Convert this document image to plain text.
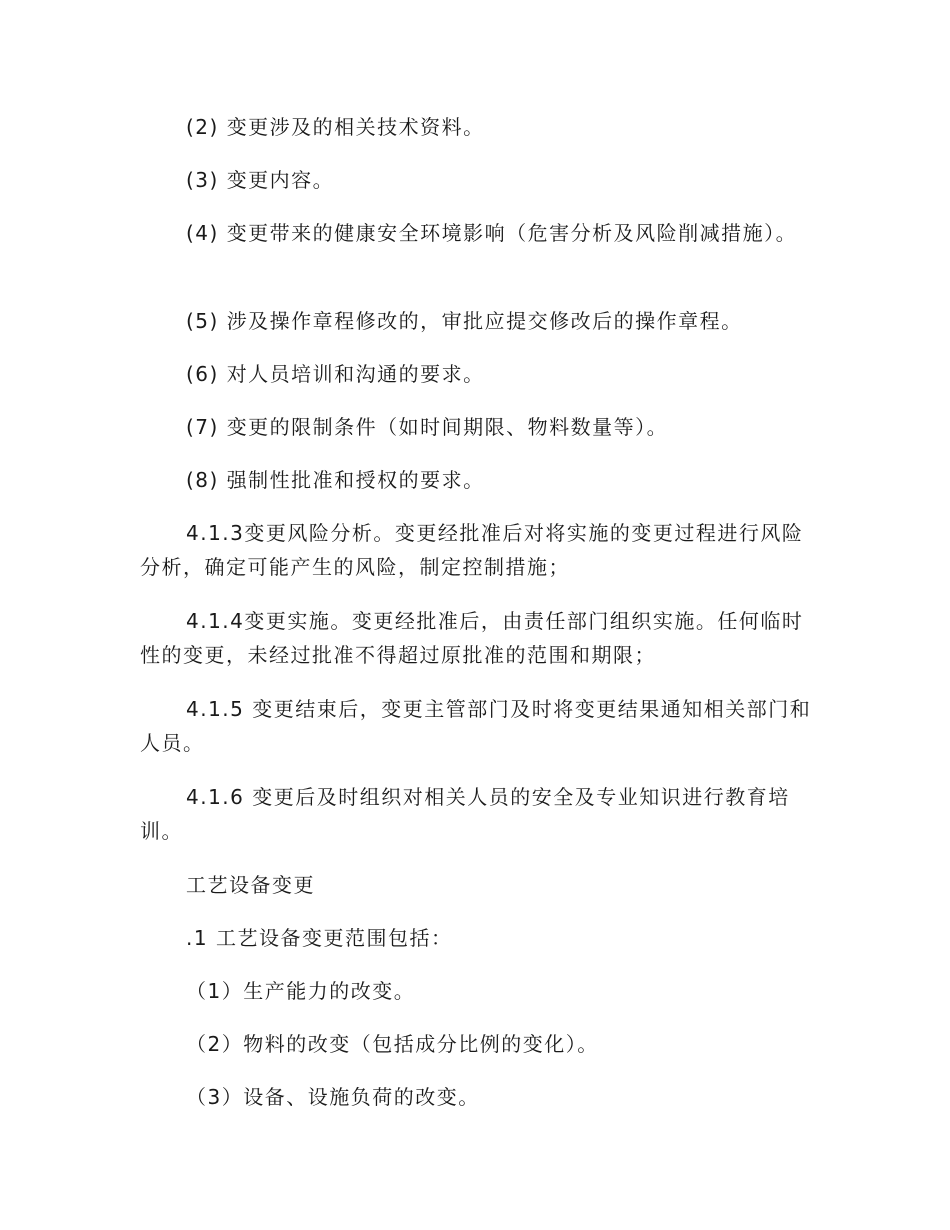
(2) 变更涉及的相关技术资料。

(3) 变更内容。

(4) 变更带来的健康安全环境影响（危害分析及风险削减措施）。

(5) 涉及操作章程修改的，审批应提交修改后的操作章程。

(6) 对人员培训和沟通的要求。

(7) 变更的限制条件（如时间期限、物料数量等）。

(8) 强制性批准和授权的要求。

4.1.3变更风险分析。变更经批准后对将实施的变更过程进行风险分析，确定可能产生的风险，制定控制措施；

4.1.4变更实施。变更经批准后，由责任部门组织实施。任何临时性的变更，未经过批准不得超过原批准的范围和期限；

4.1.5 变更结束后，变更主管部门及时将变更结果通知相关部门和人员。

4.1.6 变更后及时组织对相关人员的安全及专业知识进行教育培训。

工艺设备变更

.1 工艺设备变更范围包括：

（1）生产能力的改变。

（2）物料的改变（包括成分比例的变化）。

（3）设备、设施负荷的改变。
